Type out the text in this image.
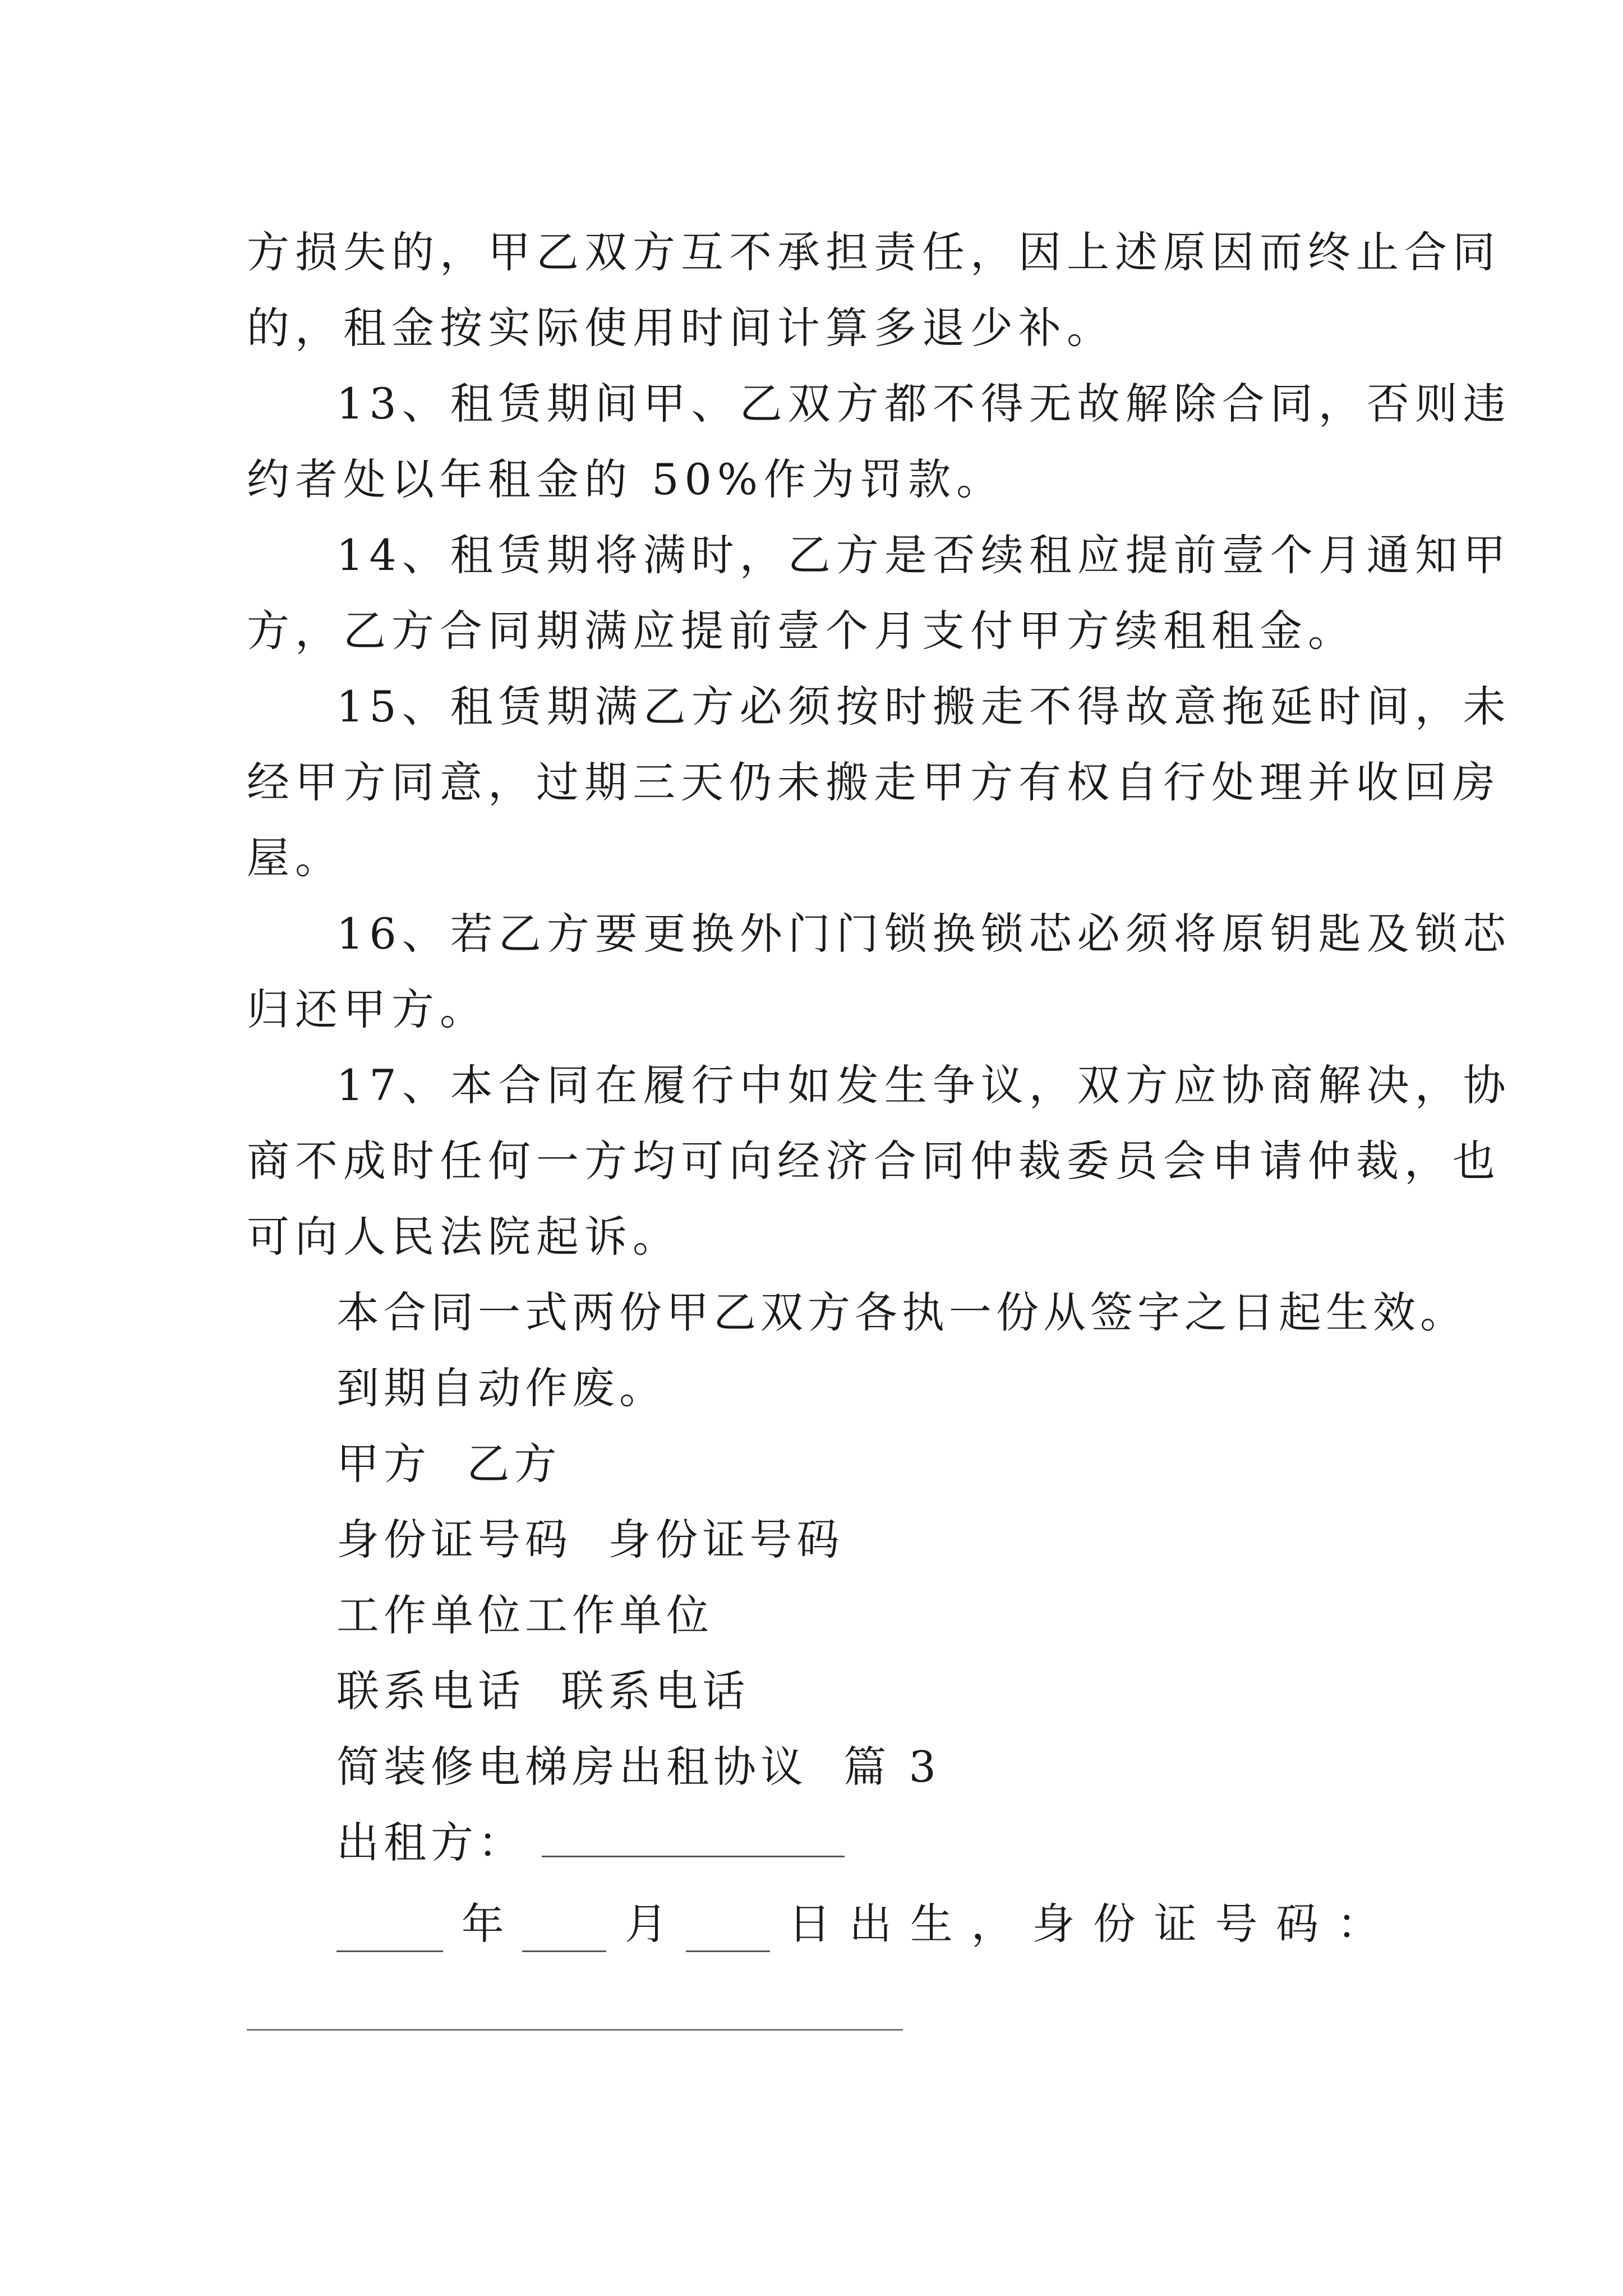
方损失的，甲乙双方互不承担责任，因上述原因而终止合同
的，租金按实际使用时间计算多退少补。
13、租赁期间甲、乙双方都不得无故解除合同，否则违
约者处以年租金的 50%作为罚款。
14、租赁期将满时，乙方是否续租应提前壹个月通知甲
方，乙方合同期满应提前壹个月支付甲方续租租金。
15、租赁期满乙方必须按时搬走不得故意拖延时间，未
经甲方同意，过期三天仍未搬走甲方有权自行处理并收回房
屋。
16、若乙方要更换外门门锁换锁芯必须将原钥匙及锁芯
归还甲方。
17、本合同在履行中如发生争议，双方应协商解决，协
商不成时任何一方均可向经济合同仲裁委员会申请仲裁，也
可向人民法院起诉。
本合同一式两份甲乙双方各执一份从签字之日起生效。
到期自动作废。
甲方  乙方
身份证号码  身份证号码
工作单位工作单位
联系电话  联系电话
简装修电梯房出租协议  篇 3
出租方：
年	月	日 出 生 ， 身 份 证 号 码 ：
